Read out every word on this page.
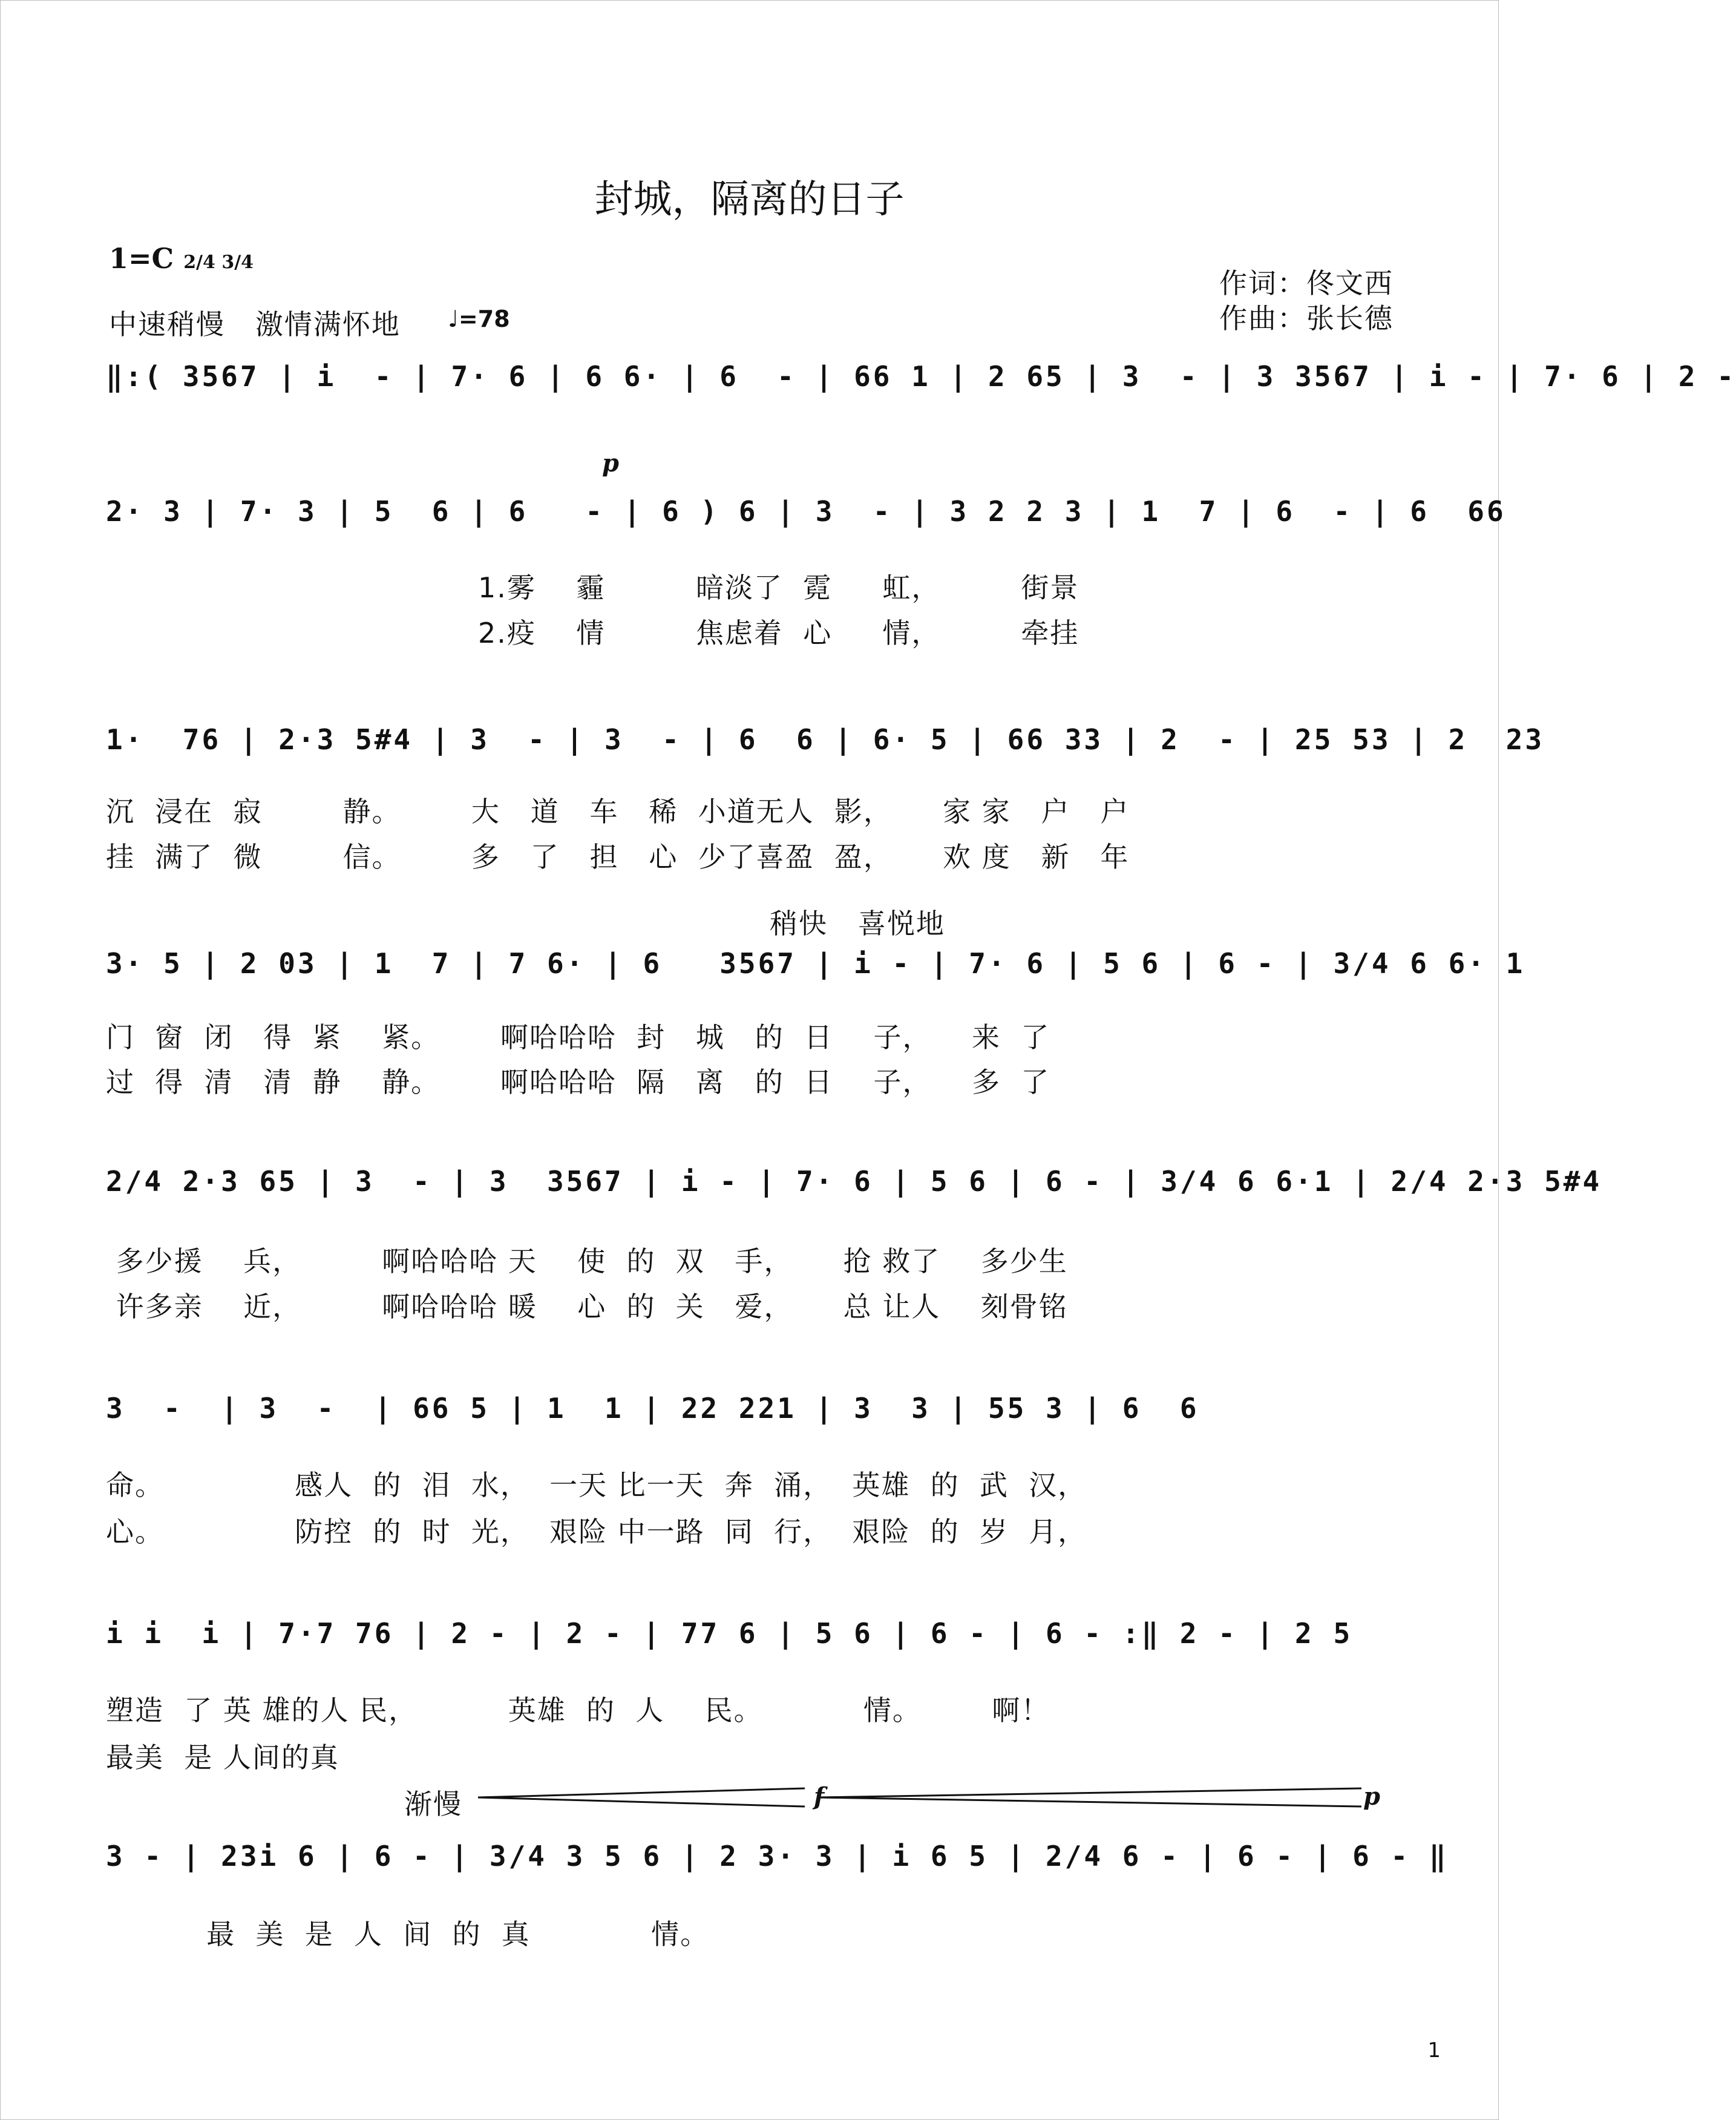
封城，隔离的日子
1=C 2/4 3/4
作词：佟文西
作曲：张长德
中速稍慢   激情满怀地 ♩=78
‖:( 3567 | i  - | 7· 6 | 6 6· | 6  - | 66 1 | 2 65 | 3  - | 3 3567 | i - | 7· 6 | 2 -
p
2· 3 | 7· 3 | 5  6 | 6   - | 6 ) 6 | 3  - | 3 2 2 3 | 1  7 | 6  - | 6  66
1.雾    霾         暗淡了  霓     虹，        街景
2.疫    情         焦虑着  心     情，        牵挂
1·  76 | 2·3 5#4 | 3  - | 3  - | 6  6 | 6· 5 | 66 33 | 2  - | 25 53 | 2  23
沉  浸在  寂        静。       大   道   车   稀  小道无人  影，     家 家   户   户
挂  满了  微        信。       多   了   担   心  少了喜盈  盈，     欢 度   新   年
稍快   喜悦地
3· 5 | 2 03 | 1  7 | 7 6· | 6   3567 | i - | 7· 6 | 5 6 | 6 - | 3/4 6 6· 1
门  窗  闭   得  紧    紧。      啊哈哈哈  封   城   的  日    子，    来  了
过  得  清   清  静    静。      啊哈哈哈  隔   离   的  日    子，    多  了
2/4 2·3 65 | 3  - | 3  3567 | i - | 7· 6 | 5 6 | 6 - | 3/4 6 6·1 | 2/4 2·3 5#4
多少援    兵，        啊哈哈哈 天    使  的  双   手，     抢 救了    多少生
许多亲    近，        啊哈哈哈 暖    心  的  关   爱，     总 让人    刻骨铭
3  -  | 3  -  | 66 5 | 1  1 | 22 221 | 3  3 | 55 3 | 6  6
命。             感人  的  泪  水，  一天 比一天  奔  涌，  英雄  的  武  汉，
心。             防控  的  时  光，  艰险 中一路  同  行，  艰险  的  岁  月，
i i  i | 7·7 76 | 2 - | 2 - | 77 6 | 5 6 | 6 - | 6 - :‖ 2 - | 2 5
塑造  了 英 雄的人 民，         英雄  的  人    民。          情。       啊！
最美  是 人间的真
渐慢	f	p
3 - | 23i 6 | 6 - | 3/4 3 5 6 | 2 3· 3 | i 6 5 | 2/4 6 - | 6 - | 6 - ‖
最  美  是  人  间  的  真            情。
1
